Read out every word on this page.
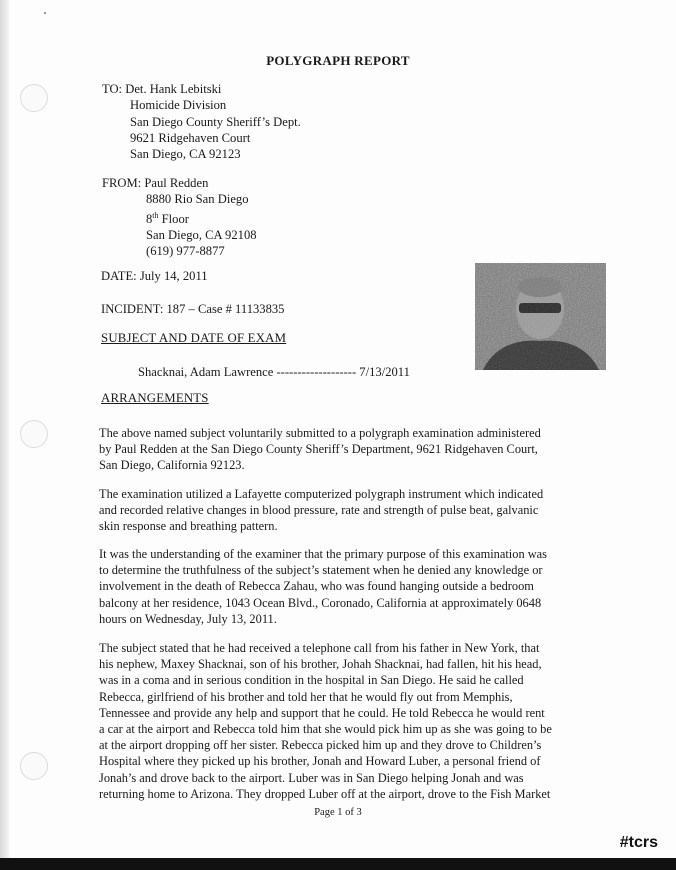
POLYGRAPH REPORT
TO: Det. Hank Lebitski
Homicide Division
San Diego County Sheriff’s Dept.
9621 Ridgehaven Court
San Diego, CA 92123
FROM: Paul Redden
8880 Rio San Diego
8th Floor
San Diego, CA 92108
(619) 977-8877
DATE: July 14, 2011
INCIDENT: 187 – Case # 11133835
SUBJECT AND DATE OF EXAM
Shacknai, Adam Lawrence ------------------- 7/13/2011
ARRANGEMENTS
The above named subject voluntarily submitted to a polygraph examination administered
by Paul Redden at the San Diego County Sheriff’s Department, 9621 Ridgehaven Court,
San Diego, California 92123.
The examination utilized a Lafayette computerized polygraph instrument which indicated
and recorded relative changes in blood pressure, rate and strength of pulse beat, galvanic
skin response and breathing pattern.
It was the understanding of the examiner that the primary purpose of this examination was
to determine the truthfulness of the subject’s statement when he denied any knowledge or
involvement in the death of Rebecca Zahau, who was found hanging outside a bedroom
balcony at her residence, 1043 Ocean Blvd., Coronado, California at approximately 0648
hours on Wednesday, July 13, 2011.
The subject stated that he had received a telephone call from his father in New York, that
his nephew, Maxey Shacknai, son of his brother, Johah Shacknai, had fallen, hit his head,
was in a coma and in serious condition in the hospital in San Diego. He said he called
Rebecca, girlfriend of his brother and told her that he would fly out from Memphis,
Tennessee and provide any help and support that he could. He told Rebecca he would rent
a car at the airport and Rebecca told him that she would pick him up as she was going to be
at the airport dropping off her sister. Rebecca picked him up and they drove to Children’s
Hospital where they picked up his brother, Jonah and Howard Luber, a personal friend of
Jonah’s and drove back to the airport. Luber was in San Diego helping Jonah and was
returning home to Arizona. They dropped Luber off at the airport, drove to the Fish Market
Page 1 of 3
#tcrs
